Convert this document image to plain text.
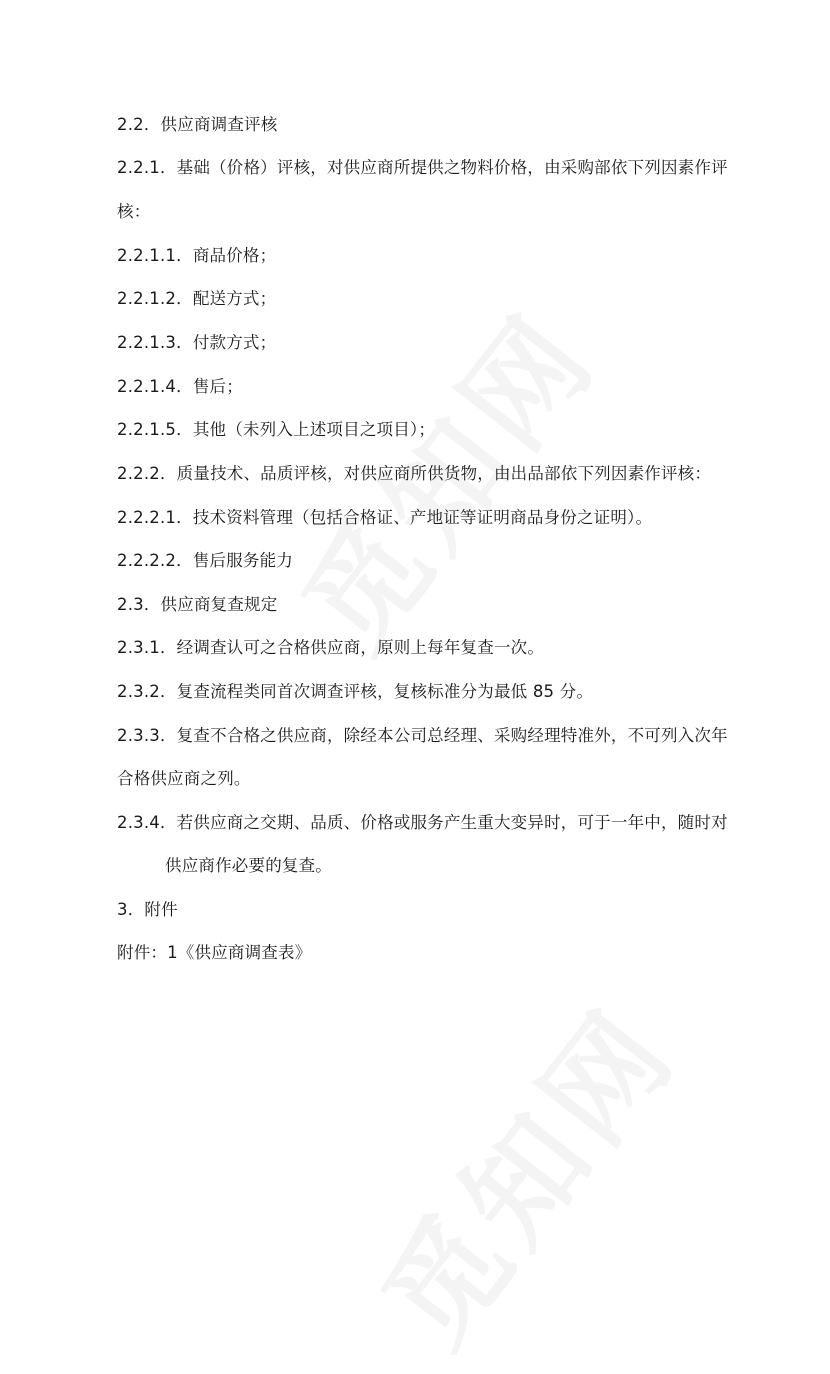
2.2．供应商调查评核
2.2.1．基础（价格）评核，对供应商所提供之物料价格，由采购部依下列因素作评
核：
2.2.1.1．商品价格；
2.2.1.2．配送方式；
2.2.1.3．付款方式；
2.2.1.4．售后；
2.2.1.5．其他（未列入上述项目之项目）；
2.2.2．质量技术、品质评核，对供应商所供货物，由出品部依下列因素作评核：
2.2.2.1．技术资料管理（包括合格证、产地证等证明商品身份之证明）。
2.2.2.2．售后服务能力
2.3．供应商复查规定
2.3.1．经调查认可之合格供应商，原则上每年复查一次。
2.3.2．复查流程类同首次调查评核，复核标准分为最低 85 分。
2.3.3．复查不合格之供应商，除经本公司总经理、采购经理特准外，不可列入次年
合格供应商之列。
2.3.4．若供应商之交期、品质、价格或服务产生重大变异时，可于一年中，随时对
供应商作必要的复查。
3．附件
附件：1《供应商调查表》
